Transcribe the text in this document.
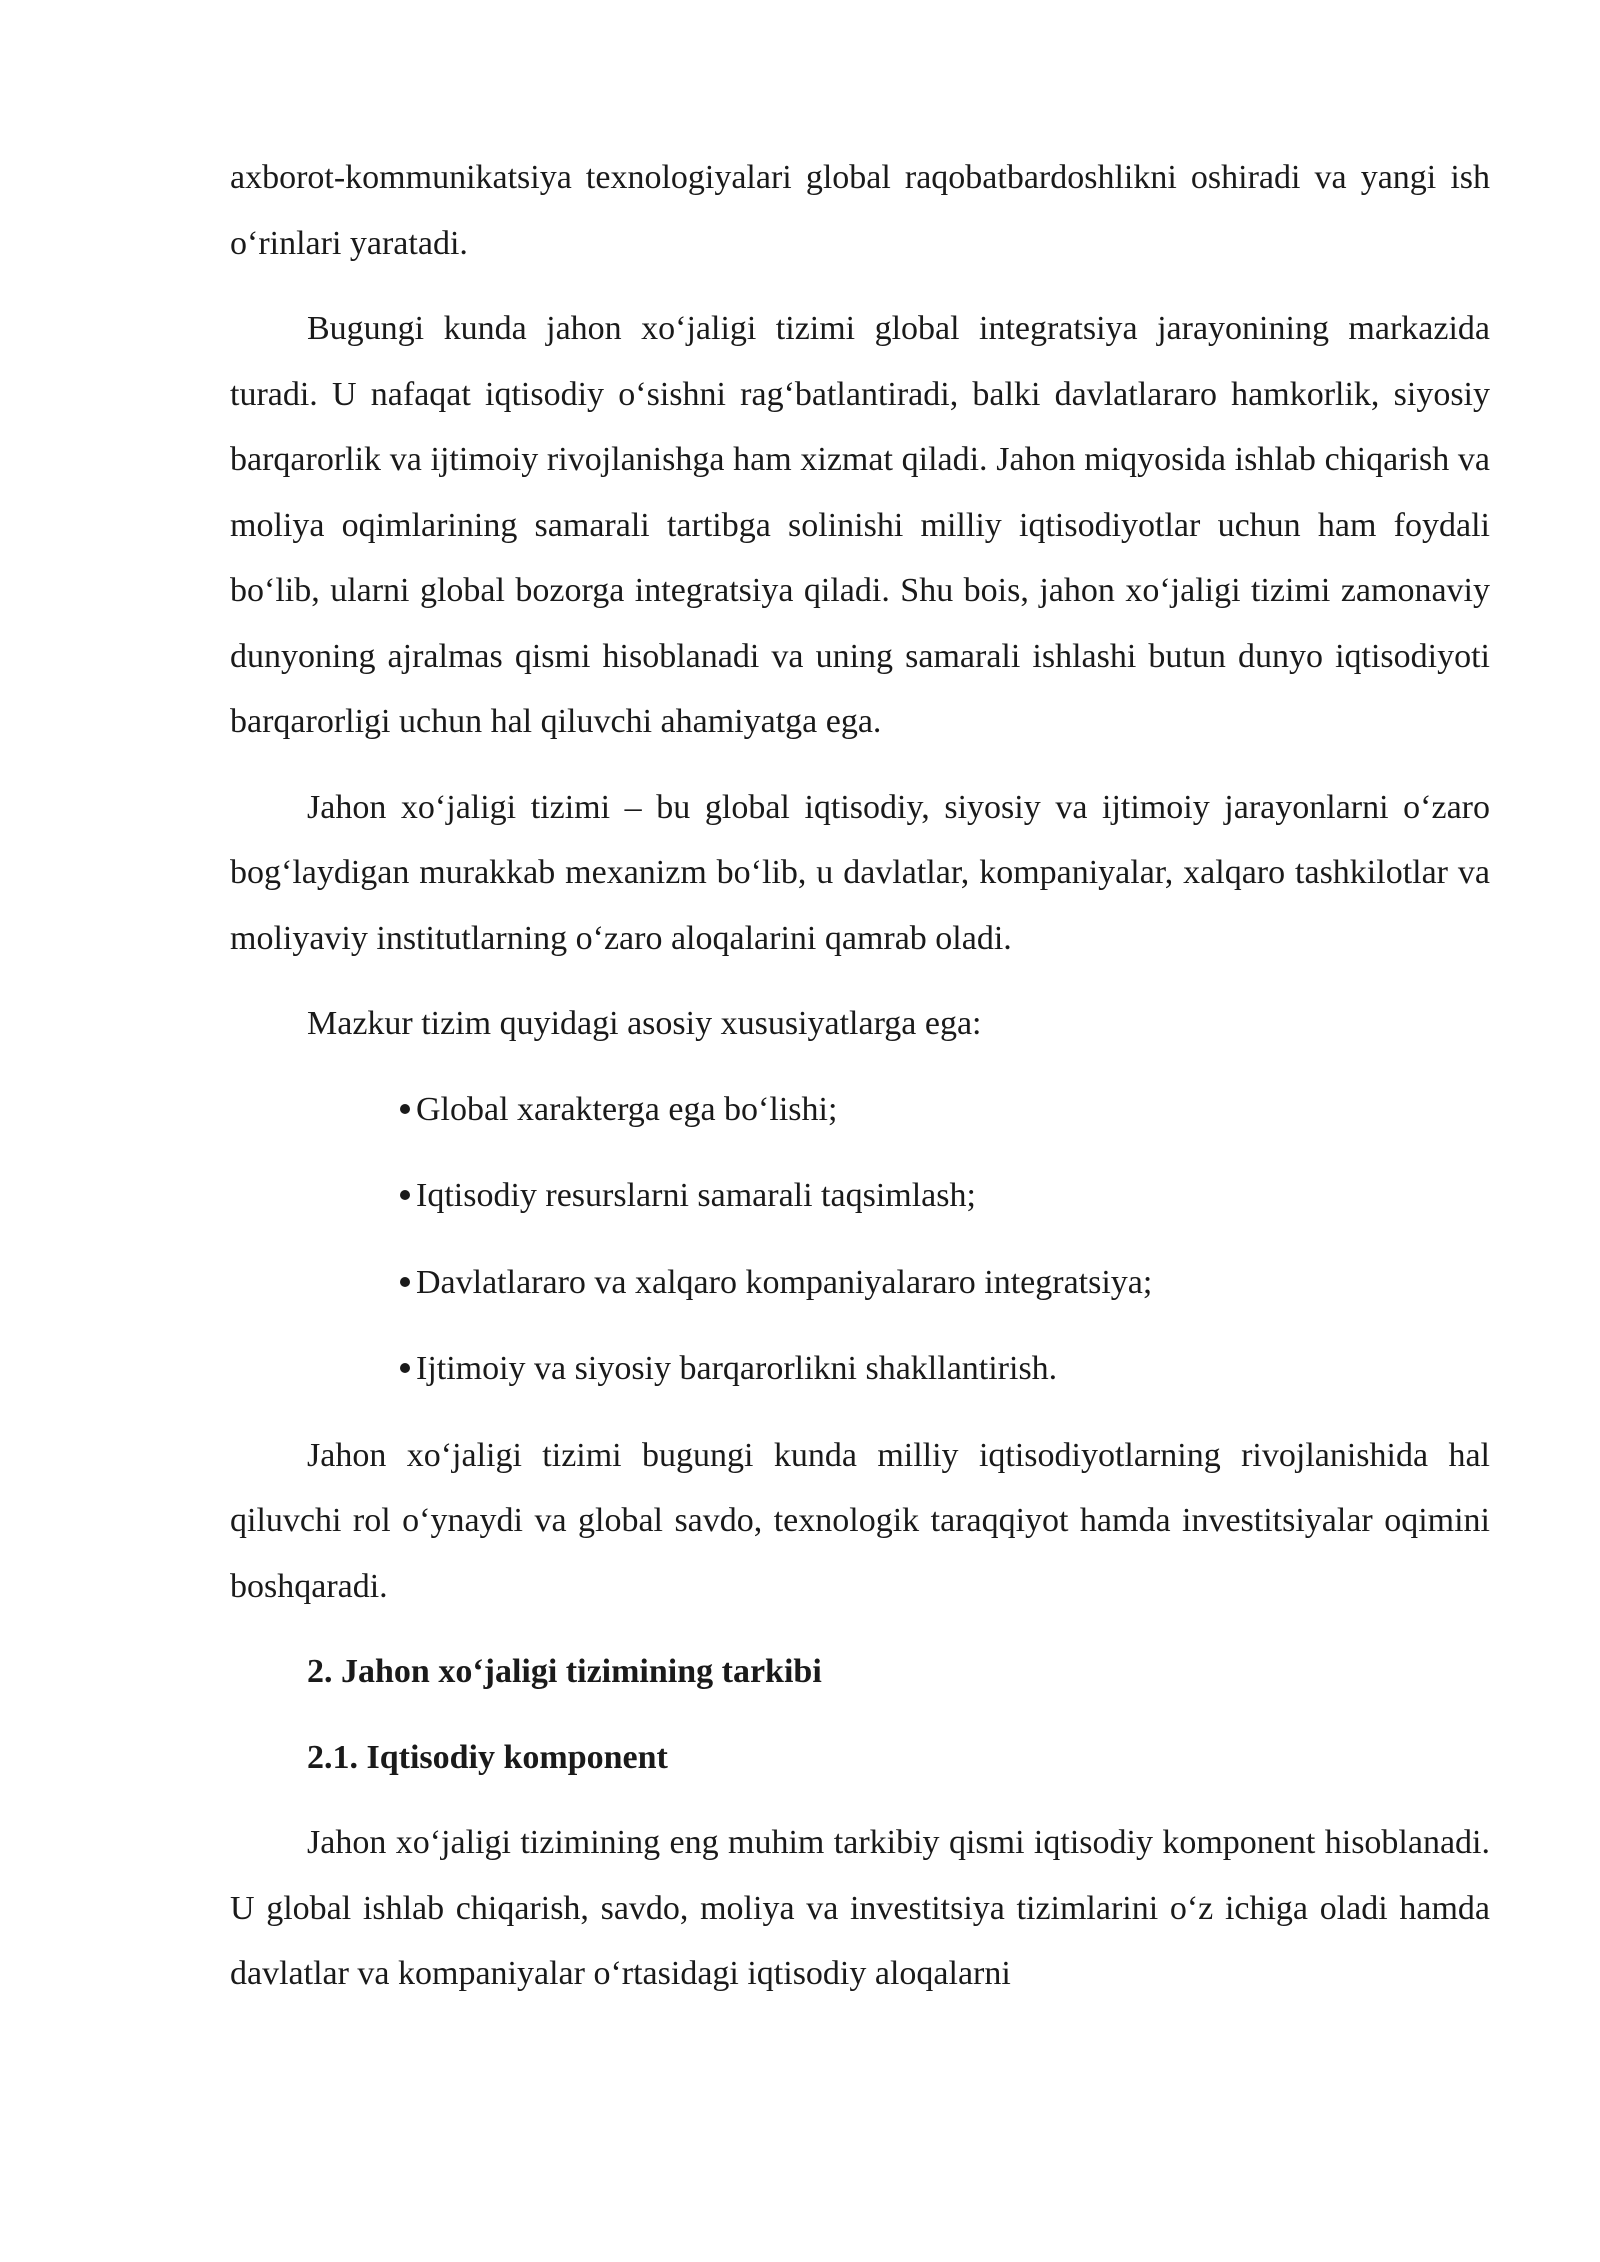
axborot-kommunikatsiya texnologiyalari global raqobatbardoshlikni oshiradi va yangi ish o‘rinlari yaratadi.

Bugungi kunda jahon xo‘jaligi tizimi global integratsiya jarayonining markazida turadi. U nafaqat iqtisodiy o‘sishni rag‘batlantiradi, balki davlatlararo hamkorlik, siyosiy barqarorlik va ijtimoiy rivojlanishga ham xizmat qiladi. Jahon miqyosida ishlab chiqarish va moliya oqimlarining samarali tartibga solinishi milliy iqtisodiyotlar uchun ham foydali bo‘lib, ularni global bozorga integratsiya qiladi. Shu bois, jahon xo‘jaligi tizimi zamonaviy dunyoning ajralmas qismi hisoblanadi va uning samarali ishlashi butun dunyo iqtisodiyoti barqarorligi uchun hal qiluvchi ahamiyatga ega.

Jahon xo‘jaligi tizimi – bu global iqtisodiy, siyosiy va ijtimoiy jarayonlarni o‘zaro bog‘laydigan murakkab mexanizm bo‘lib, u davlatlar, kompaniyalar, xalqaro tashkilotlar va moliyaviy institutlarning o‘zaro aloqalarini qamrab oladi.

Mazkur tizim quyidagi asosiy xususiyatlarga ega:

Global xarakterga ega bo‘lishi;
Iqtisodiy resurslarni samarali taqsimlash;
Davlatlararo va xalqaro kompaniyalararo integratsiya;
Ijtimoiy va siyosiy barqarorlikni shakllantirish.

Jahon xo‘jaligi tizimi bugungi kunda milliy iqtisodiyotlarning rivojlanishida hal qiluvchi rol o‘ynaydi va global savdo, texnologik taraqqiyot hamda investitsiyalar oqimini boshqaradi.

2. Jahon xo‘jaligi tizimining tarkibi

2.1. Iqtisodiy komponent

Jahon xo‘jaligi tizimining eng muhim tarkibiy qismi iqtisodiy komponent hisoblanadi. U global ishlab chiqarish, savdo, moliya va investitsiya tizimlarini o‘z ichiga oladi hamda davlatlar va kompaniyalar o‘rtasidagi iqtisodiy aloqalarni
